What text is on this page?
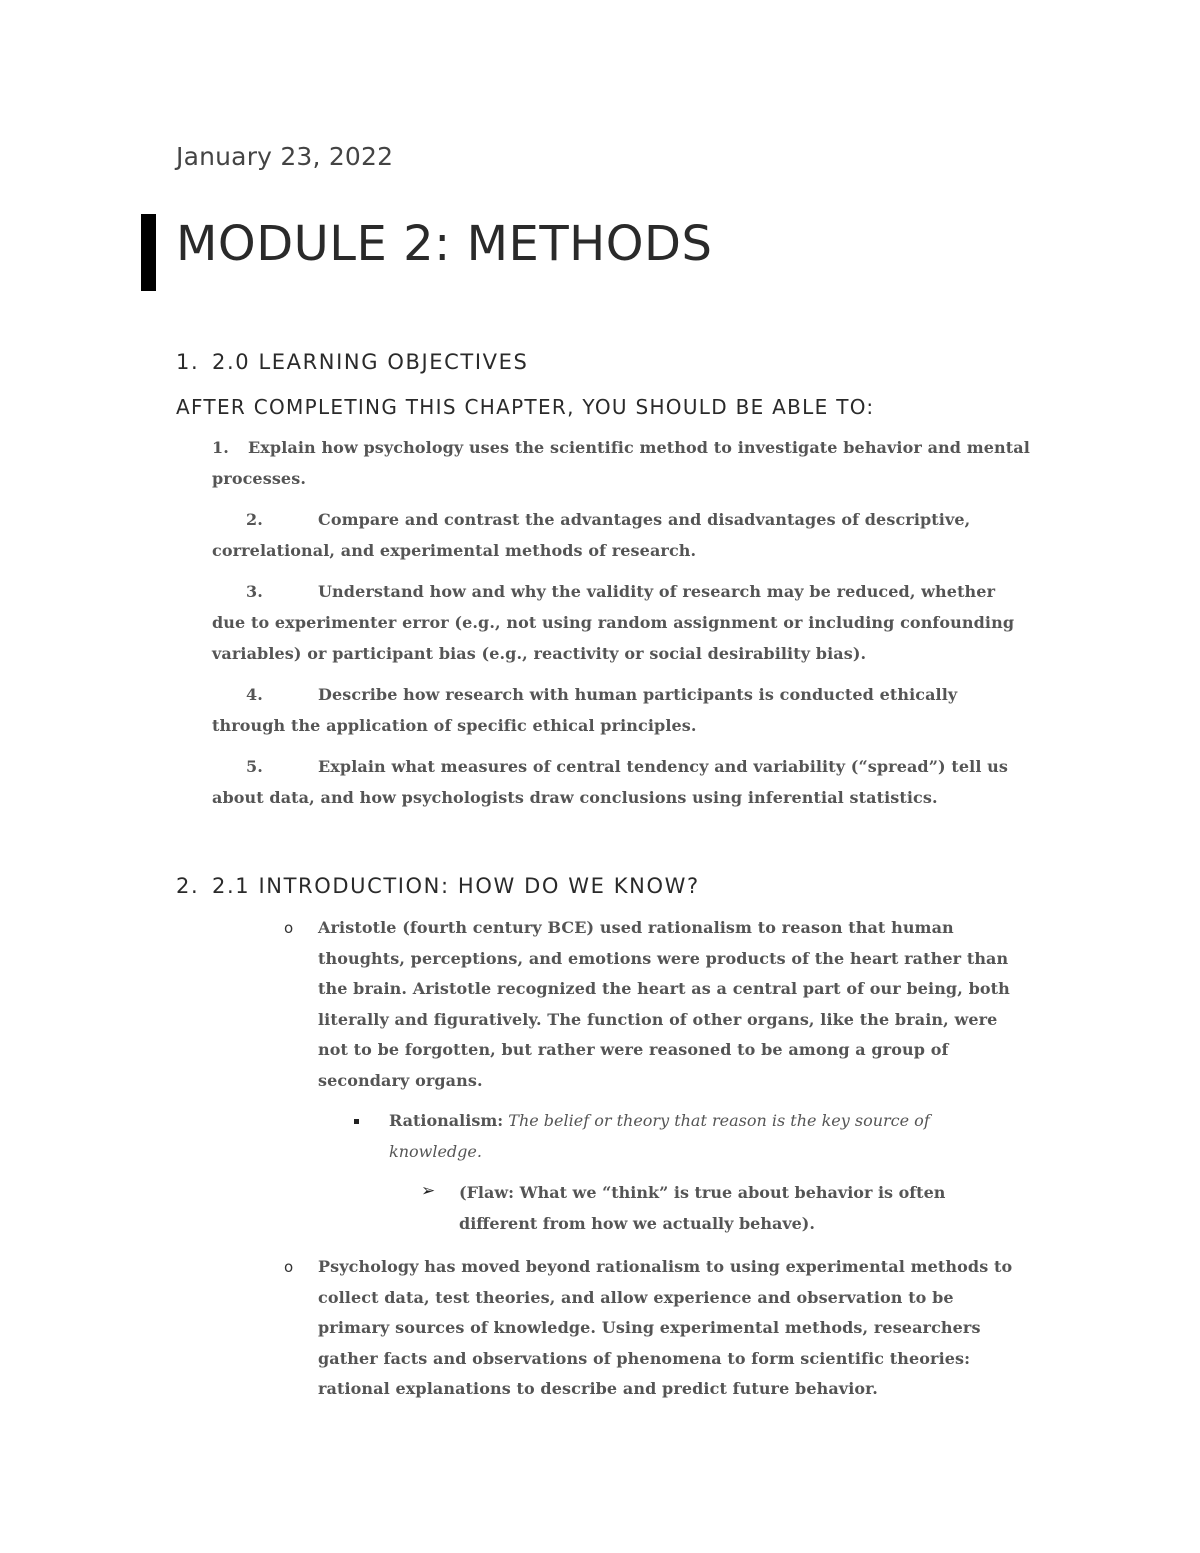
January 23, 2022
MODULE 2: METHODS
1. 2.0 LEARNING OBJECTIVES
AFTER COMPLETING THIS CHAPTER, YOU SHOULD BE ABLE TO:
1. Explain how psychology uses the scientific method to investigate behavior and mental processes.
2.	Compare and contrast the advantages and disadvantages of descriptive, correlational, and experimental methods of research.
3.	Understand how and why the validity of research may be reduced, whether due to experimenter error (e.g., not using random assignment or including confounding variables) or participant bias (e.g., reactivity or social desirability bias).
4.	Describe how research with human participants is conducted ethically through the application of specific ethical principles.
5.	Explain what measures of central tendency and variability (“spread”) tell us about data, and how psychologists draw conclusions using inferential statistics.
2. 2.1 INTRODUCTION: HOW DO WE KNOW?
o Aristotle (fourth century BCE) used rationalism to reason that human thoughts, perceptions, and emotions were products of the heart rather than the brain. Aristotle recognized the heart as a central part of our being, both literally and figuratively. The function of other organs, like the brain, were not to be forgotten, but rather were reasoned to be among a group of secondary organs.
Rationalism: The belief or theory that reason is the key source of knowledge.
➢ (Flaw: What we “think” is true about behavior is often different from how we actually behave).
o Psychology has moved beyond rationalism to using experimental methods to collect data, test theories, and allow experience and observation to be primary sources of knowledge. Using experimental methods, researchers gather facts and observations of phenomena to form scientific theories: rational explanations to describe and predict future behavior.
